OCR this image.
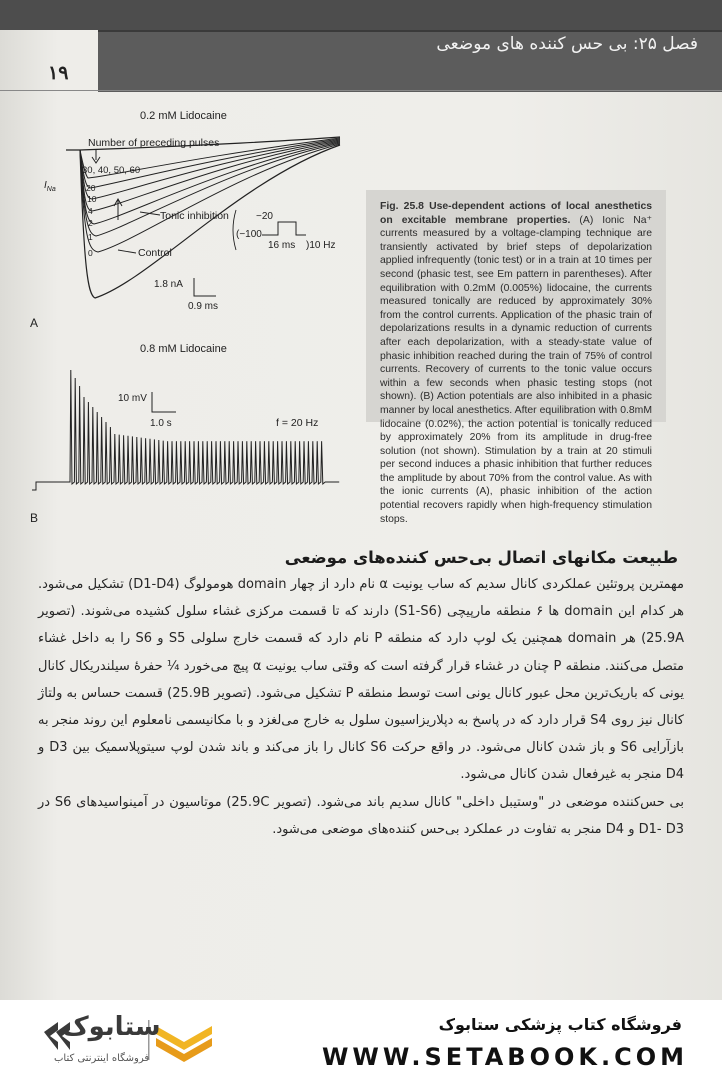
فصل ۲۵: بی حس کننده های موضعی
۱۹
0.2 mM Lidocaine
Number of preceding pulses
30, 40, 50, 60
20
10
4
2
1
0
$I_{Na}$
Tonic inhibition
Control
−20
(−100
16 ms )10 Hz
1.8 nA
0.9 ms
A
0.8 mM Lidocaine
10 mV
1.0 s	f = 20 Hz
B
Fig. 25.8 Use-dependent actions of local anesthetics on excitable membrane properties. (A) Ionic Na⁺ currents measured by a voltage-clamping technique are transiently activated by brief steps of depolarization applied infrequently (tonic test) or in a train at 10 times per second (phasic test, see Em pattern in parentheses). After equilibration with 0.2mM (0.005%) lidocaine, the currents measured tonically are reduced by approximately 30% from the control currents. Application of the phasic train of depolarizations results in a dynamic reduction of currents after each depolarization, with a steady-state value of phasic inhibition reached during the train of 75% of control currents. Recovery of currents to the tonic value occurs within a few seconds when phasic testing stops (not shown). (B) Action potentials are also inhibited in a phasic manner by local anesthetics. After equilibration with 0.8mM lidocaine (0.02%), the action potential is tonically reduced by approximately 20% from its amplitude in drug-free solution (not shown). Stimulation by a train at 20 stimuli per second induces a phasic inhibition that further reduces the amplitude by about 70% from the control value. As with the ionic currents (A), phasic inhibition of the action potential recovers rapidly when high-frequency stimulation stops.
طبیعت مکانهای اتصال بی‌حس کننده‌های موضعی

مهمترین پروتئین عملکردی کانال سدیم که ساب یونیت α نام دارد از چهار domain هومولوگ (D1-D4) تشکیل می‌شود. هر کدام این domain ها ۶ منطقه مارپیچی (S1-S6) دارند که تا قسمت مرکزی غشاء سلول کشیده می‌شوند. (تصویر 25.9A) هر domain همچنین یک لوپ دارد که منطقه P نام دارد که قسمت خارج سلولی S5 و S6 را به داخل غشاء متصل می‌کنند. منطقه P چنان در غشاء قرار گرفته است که وقتی ساب یونیت α پیچ می‌خورد ¼ حفرهٔ سیلندریکال کانال یونی که باریک‌ترین محل عبور کانال یونی است توسط منطقه P تشکیل می‌شود. (تصویر 25.9B) قسمت حساس به ولتاژ کانال نیز روی S4 قرار دارد که در پاسخ به دپلاریزاسیون سلول به خارج می‌لغزد و با مکانیسمی نامعلوم این روند منجر به بازآرایی S6 و باز شدن کانال می‌شود. در واقع حرکت S6 کانال را باز می‌کند و باند شدن لوپ سیتوپلاسمیک بین D3 و D4 منجر به غیرفعال شدن کانال می‌شود.

بی حس‌کننده موضعی در "وستیبل داخلی" کانال سدیم باند می‌شود. (تصویر 25.9C) موتاسیون در آمینواسیدهای S6 در D1- D3 و D4 منجر به تفاوت در عملکرد بی‌حس کننده‌های موضعی می‌شود.

ستابوک
فروشگاه اینترنتی کتاب
فروشگاه کتاب پزشکی ستابوک
WWW.SETABOOK.COM
